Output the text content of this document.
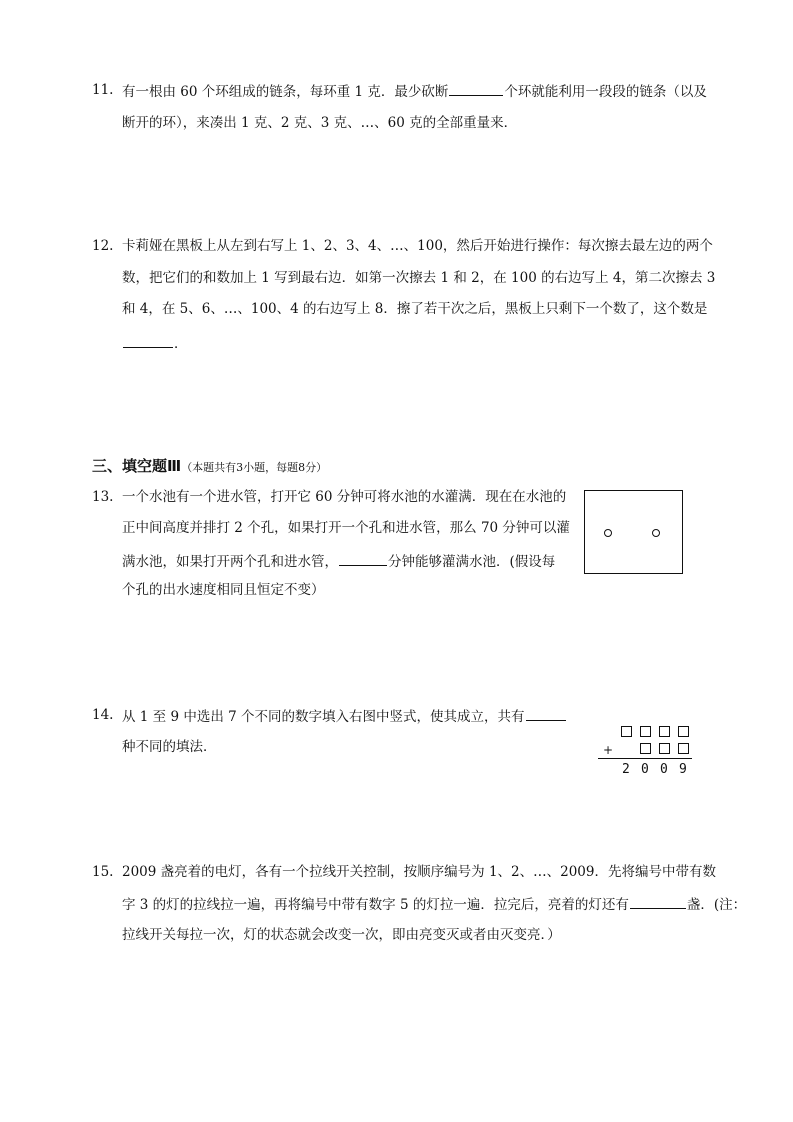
11. 有一根由 60 个环组成的链条，每环重 1 克．最少砍断	个环就能利用一段段的链条（以及
断开的环），来凑出 1 克、2 克、3 克、…、60 克的全部重量来．
12. 卡莉娅在黑板上从左到右写上 1、2、3、4、…、100，然后开始进行操作：每次擦去最左边的两个
数，把它们的和数加上 1 写到最右边．如第一次擦去 1 和 2，在 100 的右边写上 4，第二次擦去 3
和 4，在 5、6、…、100、4 的右边写上 8．擦了若干次之后，黑板上只剩下一个数了，这个数是
．
三、填空题Ⅲ（本题共有3小题，每题8分）
13. 一个水池有一个进水管，打开它 60 分钟可将水池的水灌满．现在在水池的
正中间高度并排打 2 个孔，如果打开一个孔和进水管，那么 70 分钟可以灌
满水池，如果打开两个孔和进水管，	分钟能够灌满水池．(假设每
个孔的出水速度相同且恒定不变）
14. 从 1 至 9 中选出 7 个不同的数字填入右图中竖式，使其成立，共有
种不同的填法．	+
2 0 0 9
15. 2009 盏亮着的电灯，各有一个拉线开关控制，按顺序编号为 1、2、…、2009．先将编号中带有数
字 3 的灯的拉线拉一遍，再将编号中带有数字 5 的灯拉一遍．拉完后，亮着的灯还有	盏．(注：
拉线开关每拉一次，灯的状态就会改变一次，即由亮变灭或者由灭变亮．）
